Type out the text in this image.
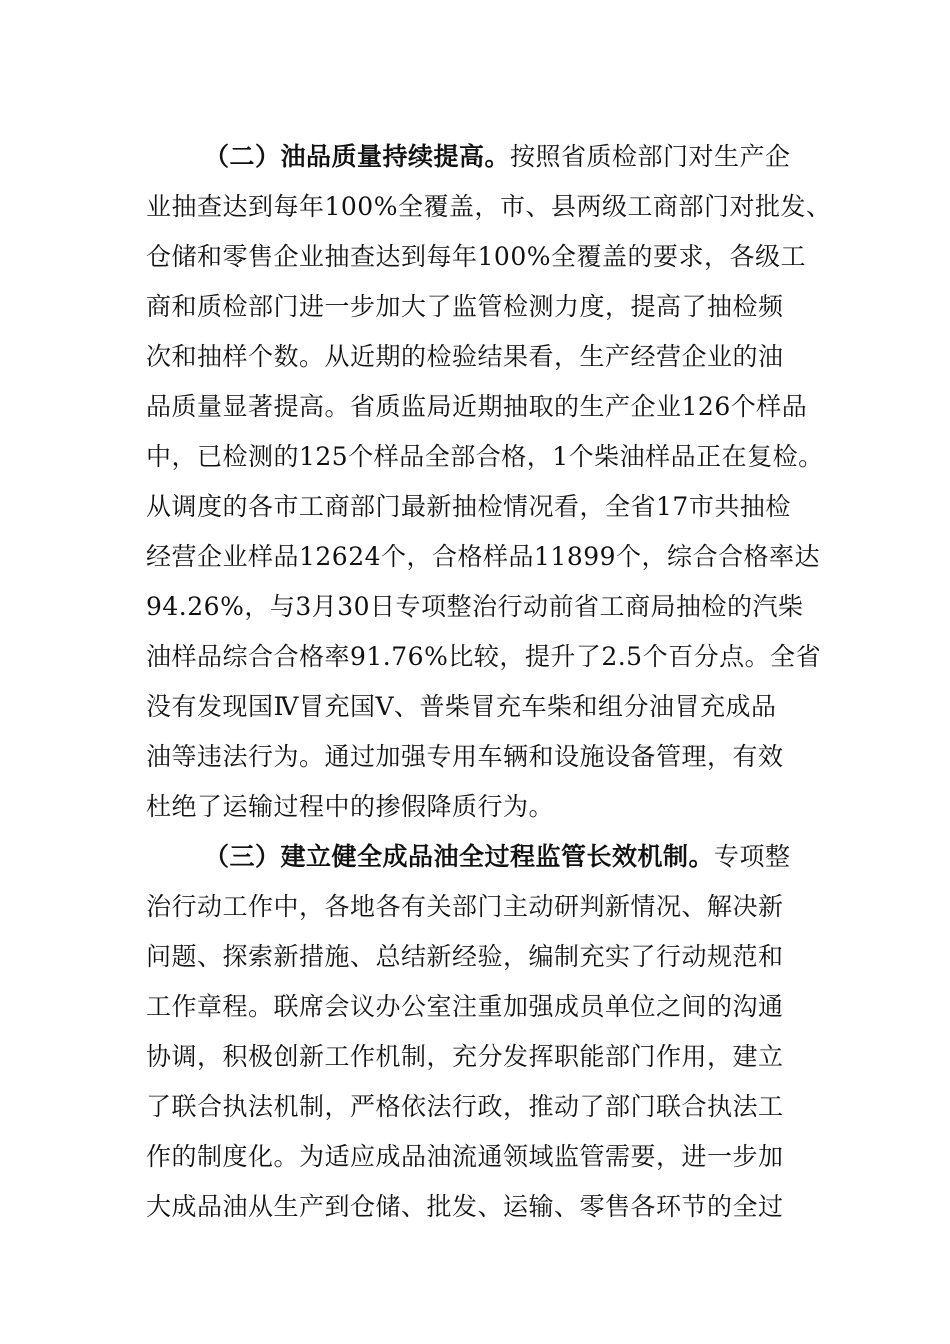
（二）油品质量持续提高。按照省质检部门对生产企
业抽查达到每年100%全覆盖，市、县两级工商部门对批发、
仓储和零售企业抽查达到每年100%全覆盖的要求，各级工
商和质检部门进一步加大了监管检测力度，提高了抽检频
次和抽样个数。从近期的检验结果看，生产经营企业的油
品质量显著提高。省质监局近期抽取的生产企业126个样品
中，已检测的125个样品全部合格，1个柴油样品正在复检。
从调度的各市工商部门最新抽检情况看，全省17市共抽检
经营企业样品12624个，合格样品11899个，综合合格率达
94.26%，与3月30日专项整治行动前省工商局抽检的汽柴
油样品综合合格率91.76%比较，提升了2.5个百分点。全省
没有发现国Ⅳ冒充国Ⅴ、普柴冒充车柴和组分油冒充成品
油等违法行为。通过加强专用车辆和设施设备管理，有效
杜绝了运输过程中的掺假降质行为。
（三）建立健全成品油全过程监管长效机制。专项整
治行动工作中，各地各有关部门主动研判新情况、解决新
问题、探索新措施、总结新经验，编制充实了行动规范和
工作章程。联席会议办公室注重加强成员单位之间的沟通
协调，积极创新工作机制，充分发挥职能部门作用，建立
了联合执法机制，严格依法行政，推动了部门联合执法工
作的制度化。为适应成品油流通领域监管需要，进一步加
大成品油从生产到仓储、批发、运输、零售各环节的全过
